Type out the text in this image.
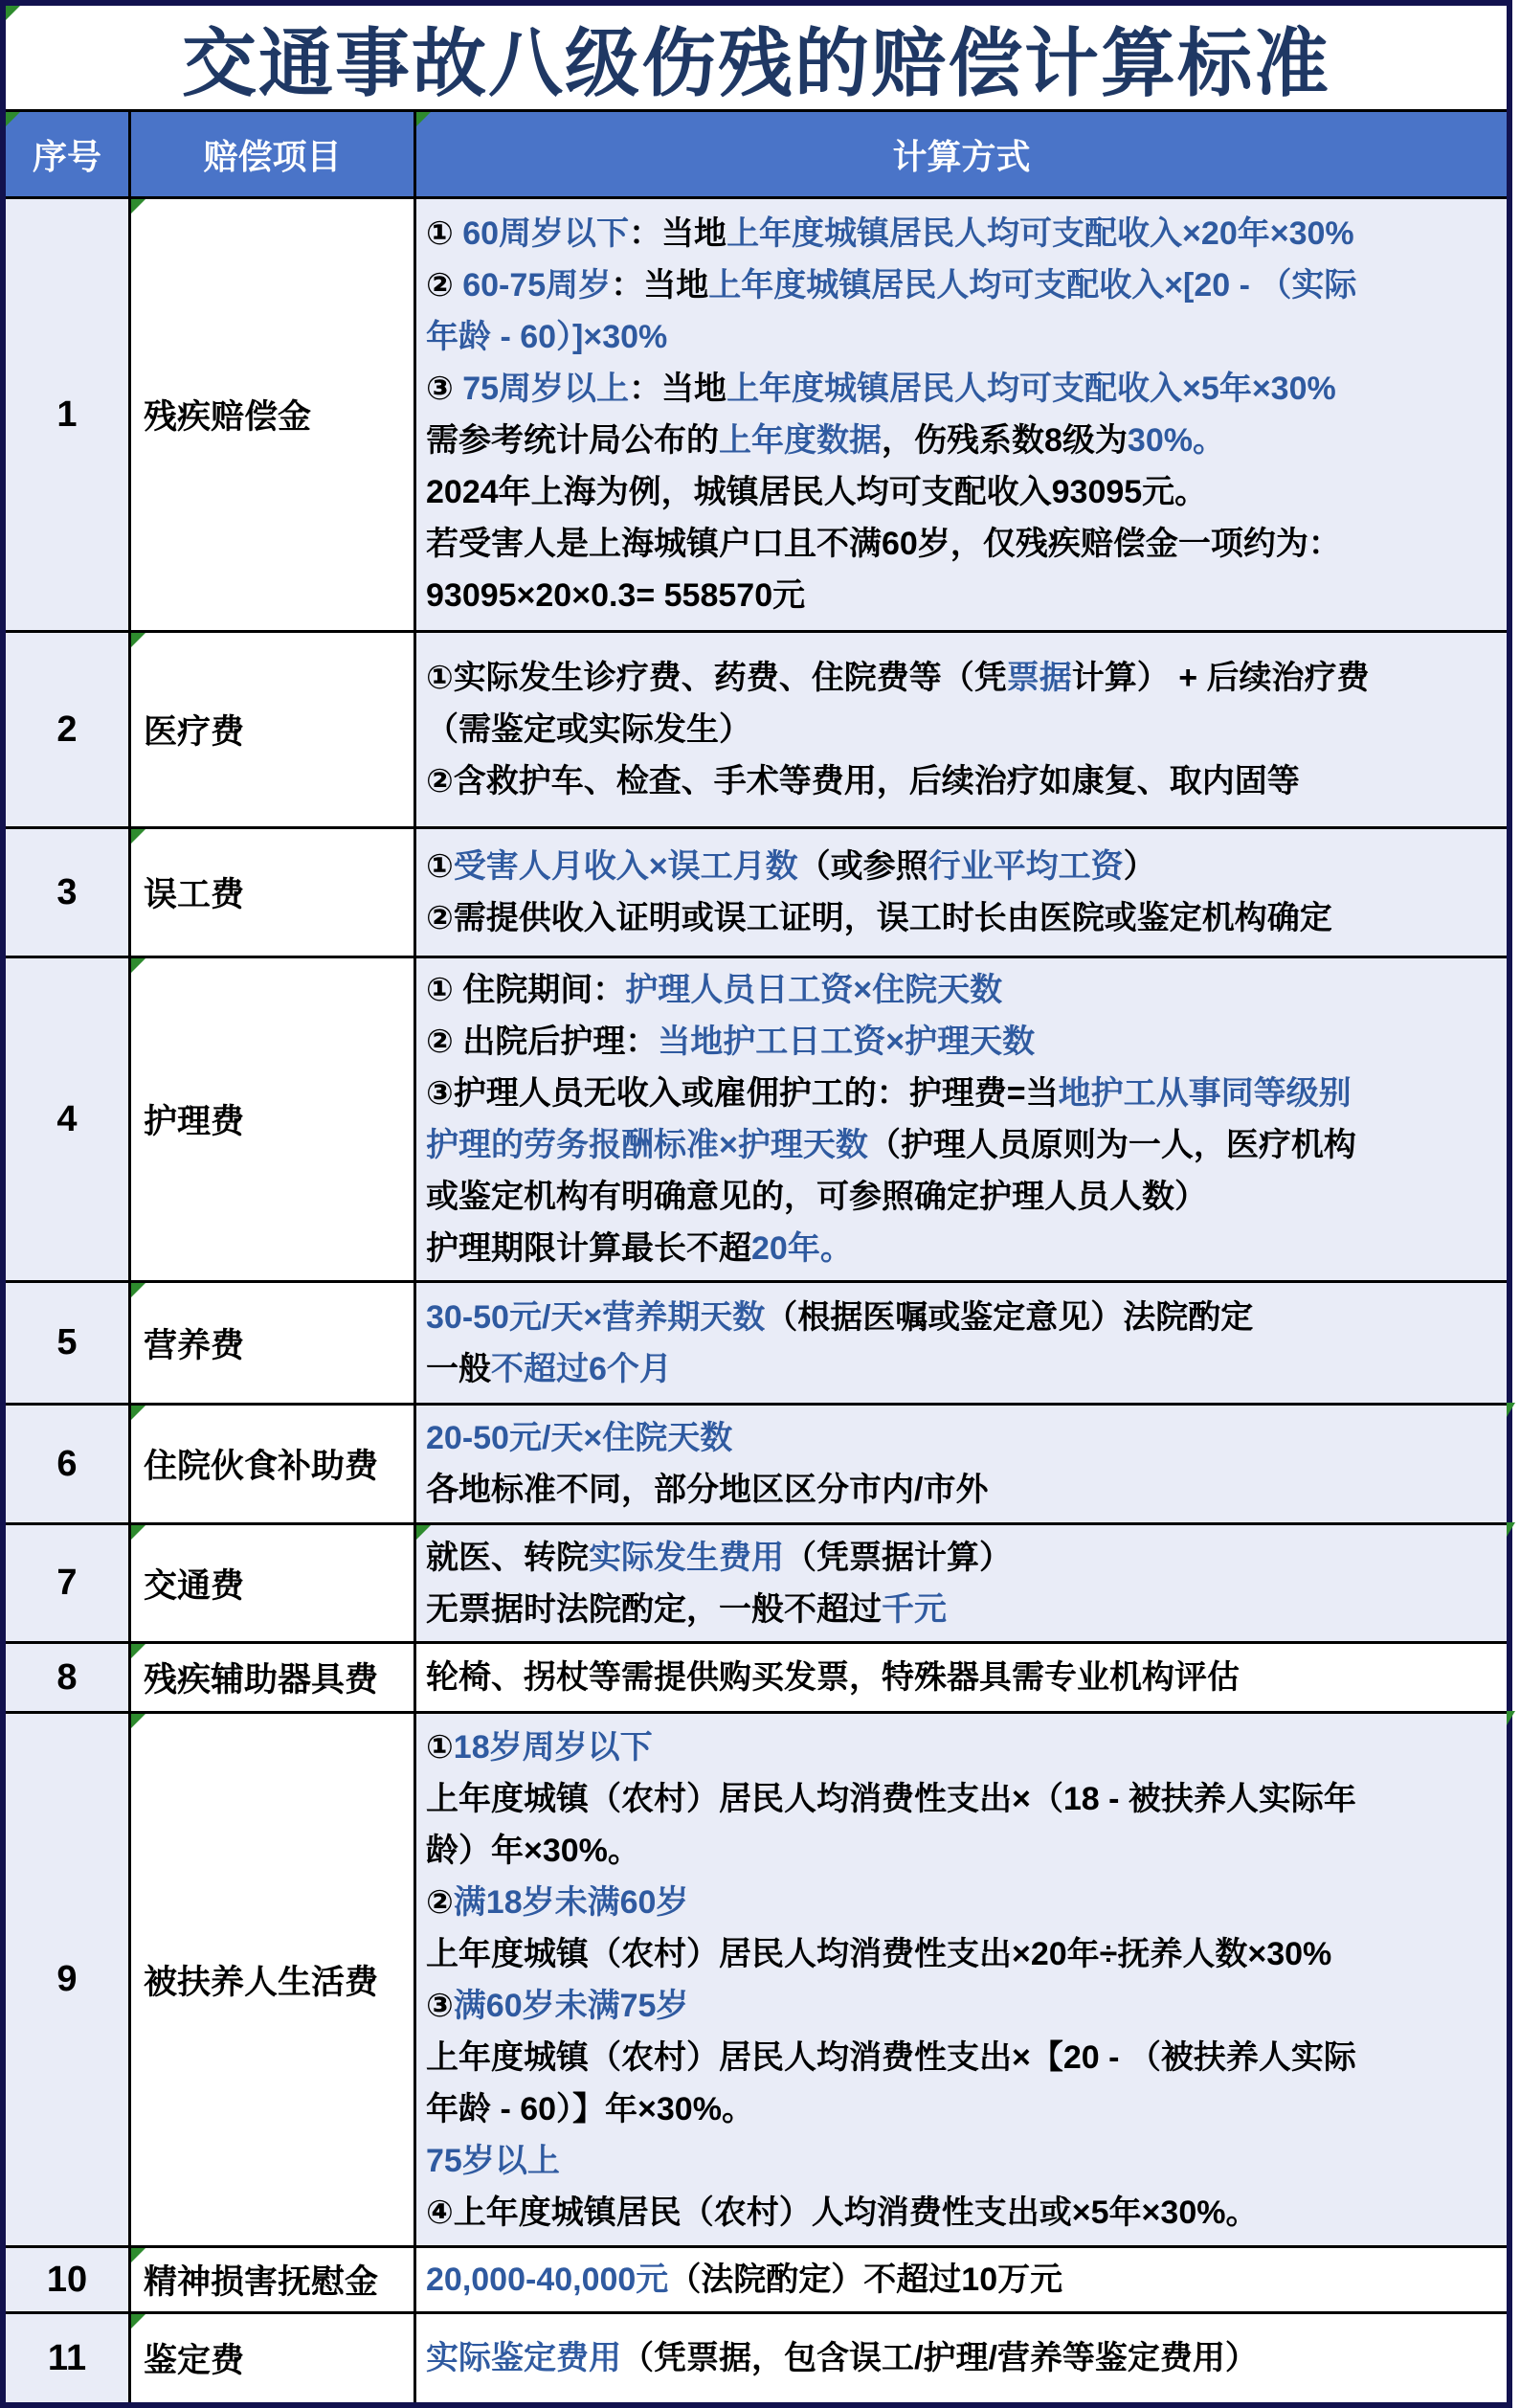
交通事故八级伤残的赔偿计算标准
序号	赔偿项目	计算方式
1	残疾赔偿金
① 60周岁以下：当地上年度城镇居民人均可支配收入×20年×30%
② 60-75周岁：当地上年度城镇居民人均可支配收入×[20 - （实际
年龄 - 60）]×30%
③ 75周岁以上：当地上年度城镇居民人均可支配收入×5年×30%
需参考统计局公布的上年度数据，伤残系数8级为30%。
2024年上海为例，城镇居民人均可支配收入93095元。
若受害人是上海城镇户口且不满60岁，仅残疾赔偿金一项约为：
93095×20×0.3= 558570元
2	医疗费
①实际发生诊疗费、药费、住院费等（凭票据计算） + 后续治疗费
（需鉴定或实际发生）
②含救护车、检查、手术等费用，后续治疗如康复、取内固等
3	误工费
①受害人月收入×误工月数（或参照行业平均工资）
②需提供收入证明或误工证明，误工时长由医院或鉴定机构确定
4	护理费
① 住院期间：护理人员日工资×住院天数
② 出院后护理：当地护工日工资×护理天数
③护理人员无收入或雇佣护工的：护理费=当地护工从事同等级别
护理的劳务报酬标准×护理天数（护理人员原则为一人，医疗机构
或鉴定机构有明确意见的，可参照确定护理人员人数）
护理期限计算最长不超20年。
5	营养费
30-50元/天×营养期天数（根据医嘱或鉴定意见）法院酌定
一般不超过6个月
6	住院伙食补助费
20-50元/天×住院天数
各地标准不同，部分地区区分市内/市外
7	交通费
就医、转院实际发生费用（凭票据计算）
无票据时法院酌定，一般不超过千元
8	残疾辅助器具费	轮椅、拐杖等需提供购买发票，特殊器具需专业机构评估
9	被扶养人生活费
①18岁周岁以下
上年度城镇（农村）居民人均消费性支出×（18 - 被扶养人实际年
龄）年×30%。
②满18岁未满60岁
上年度城镇（农村）居民人均消费性支出×20年÷抚养人数×30%
③满60岁未满75岁
上年度城镇（农村）居民人均消费性支出×【20 - （被扶养人实际
年龄 - 60）】年×30%。
75岁以上
④上年度城镇居民（农村）人均消费性支出或×5年×30%。
10	精神损害抚慰金	20,000-40,000元（法院酌定）不超过10万元
11	鉴定费	实际鉴定费用（凭票据，包含误工/护理/营养等鉴定费用）
